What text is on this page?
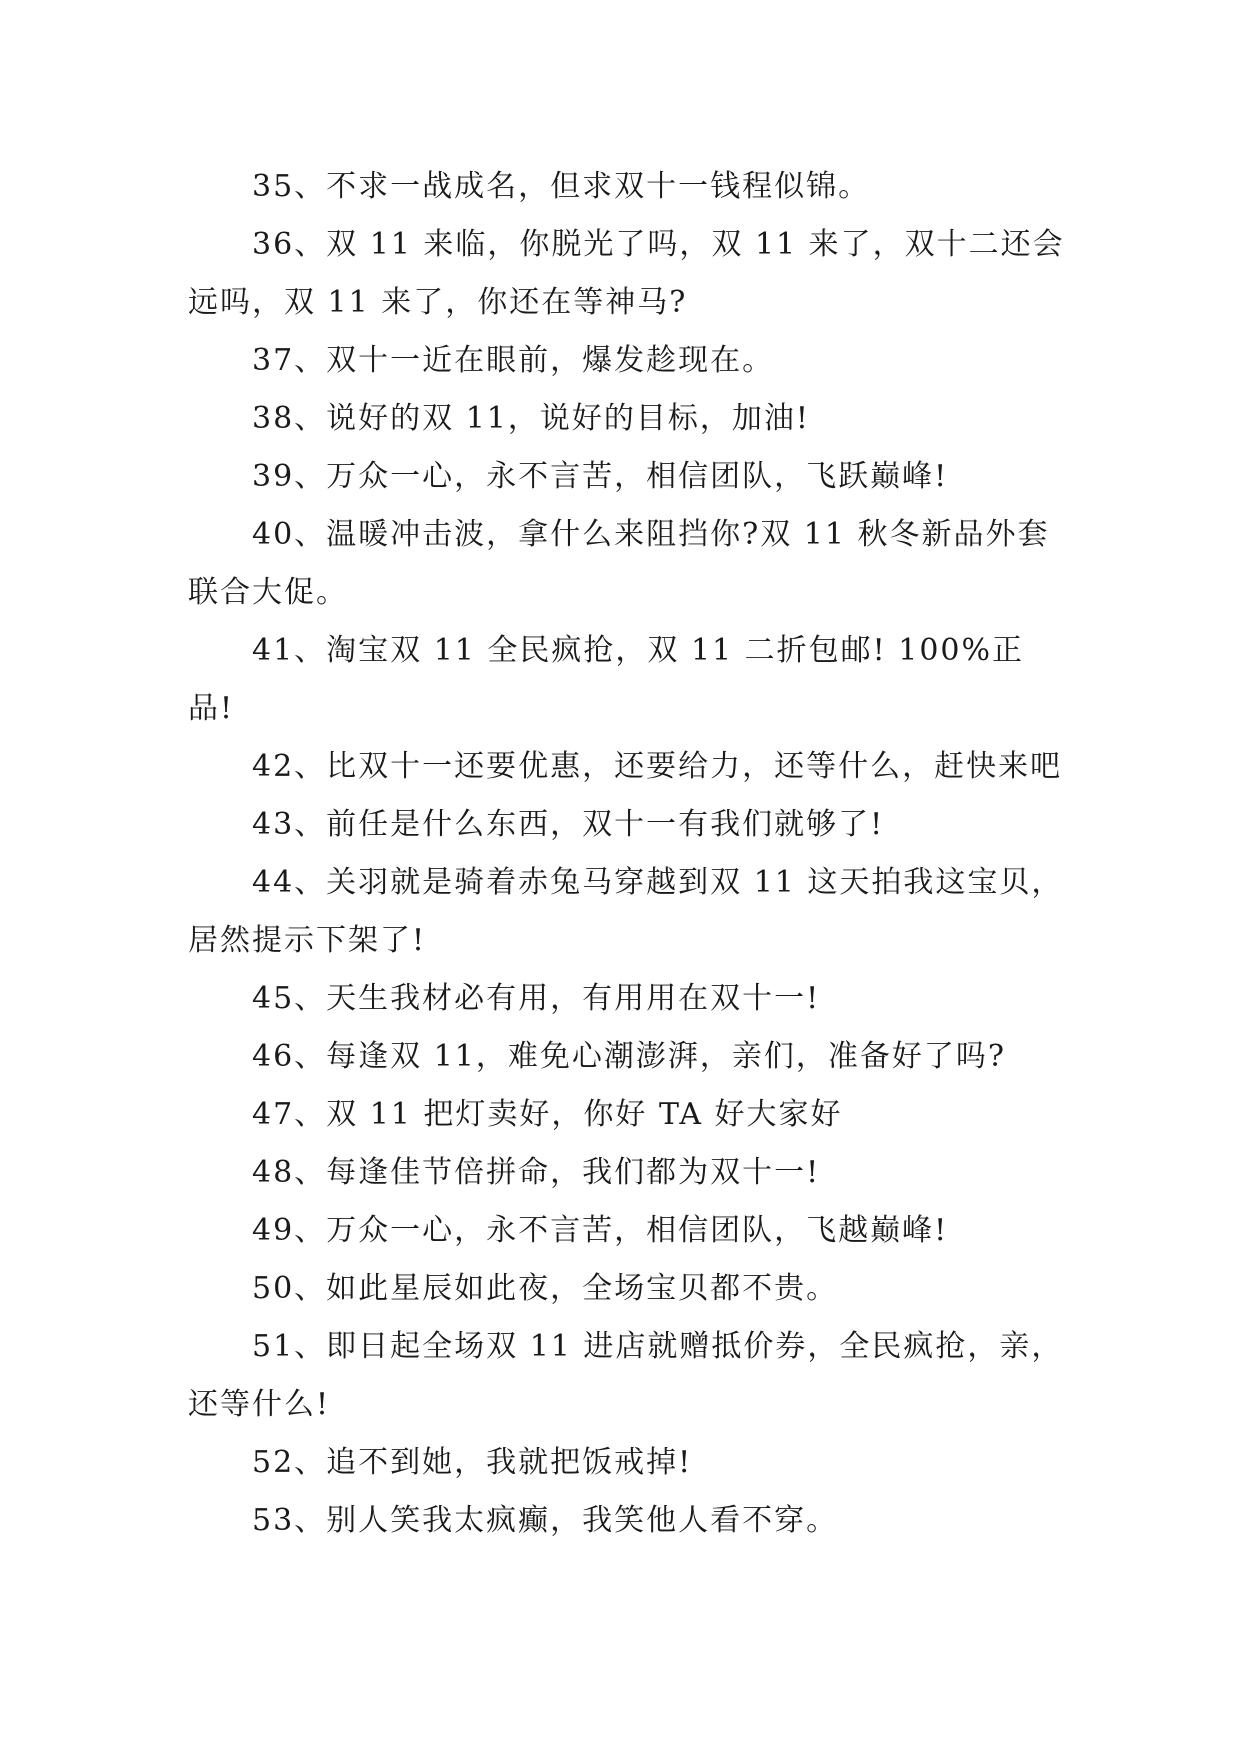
35、不求一战成名，但求双十一钱程似锦。

36、双 11 来临，你脱光了吗，双 11 来了，双十二还会远吗，双 11 来了，你还在等神马?

37、双十一近在眼前，爆发趁现在。

38、说好的双 11，说好的目标，加油!

39、万众一心，永不言苦，相信团队，飞跃巅峰!

40、温暖冲击波，拿什么来阻挡你?双 11 秋冬新品外套联合大促。

41、淘宝双 11 全民疯抢，双 11 二折包邮! 100%正品!

42、比双十一还要优惠，还要给力，还等什么，赶快来吧

43、前任是什么东西，双十一有我们就够了!

44、关羽就是骑着赤兔马穿越到双 11 这天拍我这宝贝，居然提示下架了!

45、天生我材必有用，有用用在双十一!

46、每逢双 11，难免心潮澎湃，亲们，准备好了吗?

47、双 11 把灯卖好，你好 TA 好大家好

48、每逢佳节倍拼命，我们都为双十一!

49、万众一心，永不言苦，相信团队，飞越巅峰!

50、如此星辰如此夜，全场宝贝都不贵。

51、即日起全场双 11 进店就赠抵价券，全民疯抢，亲，还等什么!

52、追不到她，我就把饭戒掉!

53、别人笑我太疯癫，我笑他人看不穿。
